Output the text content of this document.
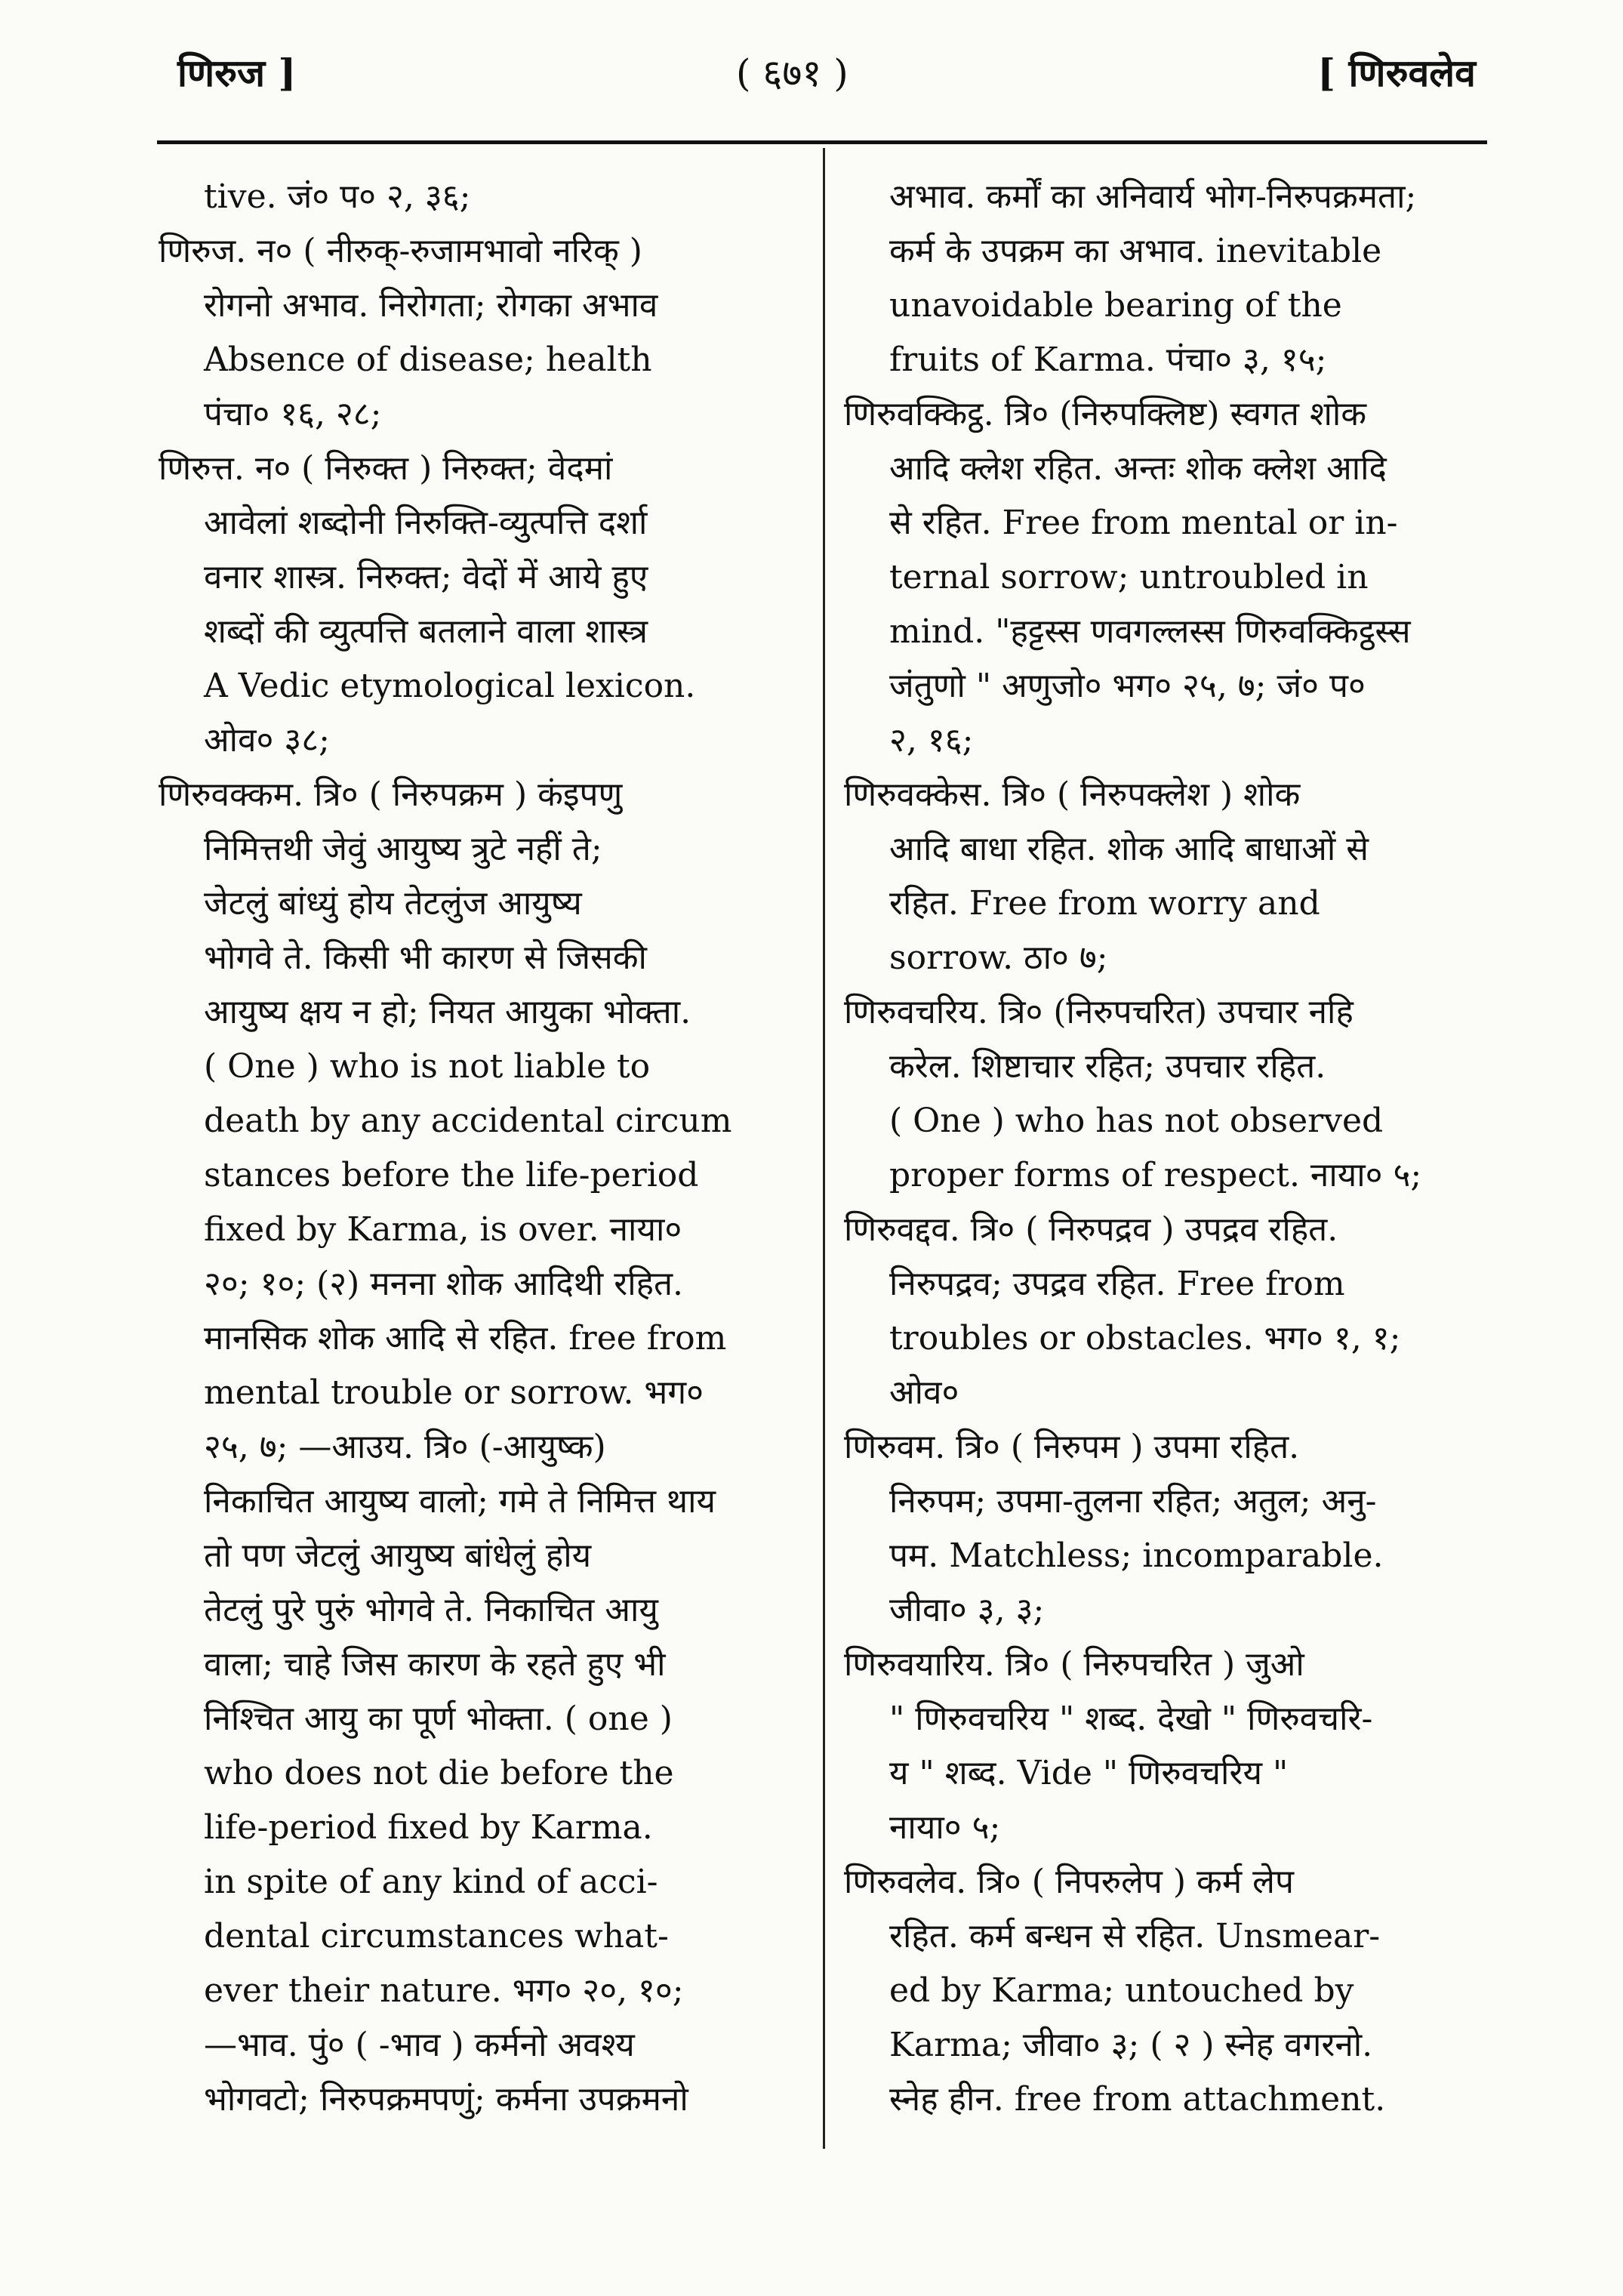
णिरुज ]	( ६७१ )	[ णिरुवलेव
tive. जं० प० २, ३६;
णिरुज. न० ( नीरुक्-रुजामभावो नरिक् )
रोगनो अभाव. निरोगता; रोगका अभाव
Absence of disease; health
पंचा० १६, २८;
णिरुत्त. न० ( निरुक्त ) निरुक्त; वेदमां
आवेलां शब्दोनी निरुक्ति-व्युत्पत्ति दर्शा
वनार शास्त्र. निरुक्त; वेदों में आये हुए
शब्दों की व्युत्पत्ति बतलाने वाला शास्त्र
A Vedic etymological lexicon.
ओव० ३८;
णिरुवक्कम. त्रि० ( निरुपक्रम ) कंइपणु
निमित्तथी जेवुं आयुष्य त्रुटे नहीं ते;
जेटलुं बांध्युं होय तेटलुंज आयुष्य
भोगवे ते. किसी भी कारण से जिसकी
आयुष्य क्षय न हो; नियत आयुका भोक्ता.
( One ) who is not liable to
death by any accidental circum
stances before the life-period
fixed by Karma, is over. नाया०
२०; १०; (२) मनना शोक आदिथी रहित.
मानसिक शोक आदि से रहित. free from
mental trouble or sorrow. भग०
२५, ७; —आउय. त्रि० (-आयुष्क)
निकाचित आयुष्य वालो; गमे ते निमित्त थाय
तो पण जेटलुं आयुष्य बांधेलुं होय
तेटलुं पुरे पुरुं भोगवे ते. निकाचित आयु
वाला; चाहे जिस कारण के रहते हुए भी
निश्चित आयु का पूर्ण भोक्ता. ( one )
who does not die before the
life-period fixed by Karma.
in spite of any kind of acci-
dental circumstances what-
ever their nature. भग० २०, १०;
—भाव. पुं० ( -भाव ) कर्मनो अवश्य
भोगवटो; निरुपक्रमपणुं; कर्मना उपक्रमनो
अभाव. कर्मों का अनिवार्य भोग-निरुपक्रमता;
कर्म के उपक्रम का अभाव. inevitable
unavoidable bearing of the
fruits of Karma. पंचा० ३, १५;
णिरुवक्किट्ठ. त्रि० (निरुपक्लिष्ट) स्वगत शोक
आदि क्लेश रहित. अन्तः शोक क्लेश आदि
से रहित. Free from mental or in-
ternal sorrow; untroubled in
mind. "हट्टस्स णवगल्लस्स णिरुवक्किट्ठस्स
जंतुणो " अणुजो० भग० २५, ७; जं० प०
२, १६;
णिरुवक्केस. त्रि० ( निरुपक्लेश ) शोक
आदि बाधा रहित. शोक आदि बाधाओं से
रहित. Free from worry and
sorrow. ठा० ७;
णिरुवचरिय. त्रि० (निरुपचरित) उपचार नहि
करेल. शिष्टाचार रहित; उपचार रहित.
( One ) who has not observed
proper forms of respect. नाया० ५;
णिरुवद्दव. त्रि० ( निरुपद्रव ) उपद्रव रहित.
निरुपद्रव; उपद्रव रहित. Free from
troubles or obstacles. भग० १, १;
ओव०
णिरुवम. त्रि० ( निरुपम ) उपमा रहित.
निरुपम; उपमा-तुलना रहित; अतुल; अनु-
पम. Matchless; incomparable.
जीवा० ३, ३;
णिरुवयारिय. त्रि० ( निरुपचरित ) जुओ
" णिरुवचरिय " शब्द. देखो " णिरुवचरि-
य " शब्द. Vide " णिरुवचरिय "
नाया० ५;
णिरुवलेव. त्रि० ( निपरुलेप ) कर्म लेप
रहित. कर्म बन्धन से रहित. Unsmear-
ed by Karma; untouched by
Karma; जीवा० ३; ( २ ) स्नेह वगरनो.
स्नेह हीन. free from attachment.
